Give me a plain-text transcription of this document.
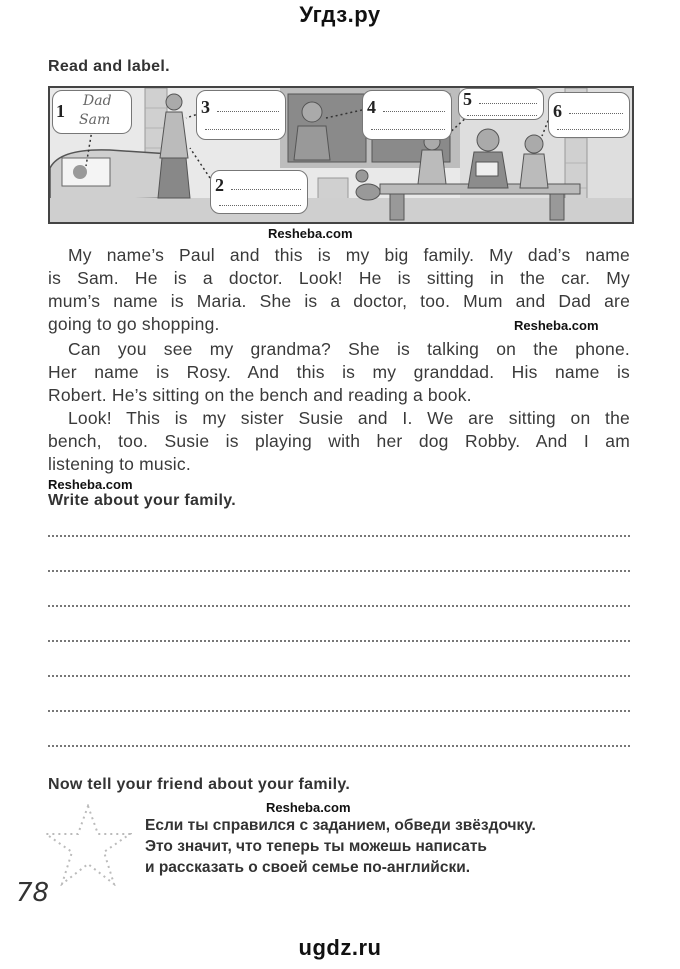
Угдз.ру
Read and label.
1 Dad
Sam
3
2
4	5
6
Resheba.com
Resheba.com
Resheba.com
Resheba.com
My name’s Paul and this is my big family. My dad’s name
is Sam. He is a doctor. Look! He is sitting in the car. My
mum’s name is Maria. She is a doctor, too. Mum and Dad are
going to go shopping.
Can you see my grandma? She is talking on the phone.
Her name is Rosy. And this is my granddad. His name is
Robert. He’s sitting on the bench and reading a book.
Look! This is my sister Susie and I. We are sitting on the
bench, too. Susie is playing with her dog Robby. And I am
listening to music.
Write about your family.
Now tell your friend about your family.
Если ты справился с заданием, обведи звёздочку.
Это значит, что теперь ты можешь написать
и рассказать о своей семье по-английски.
78
ugdz.ru
